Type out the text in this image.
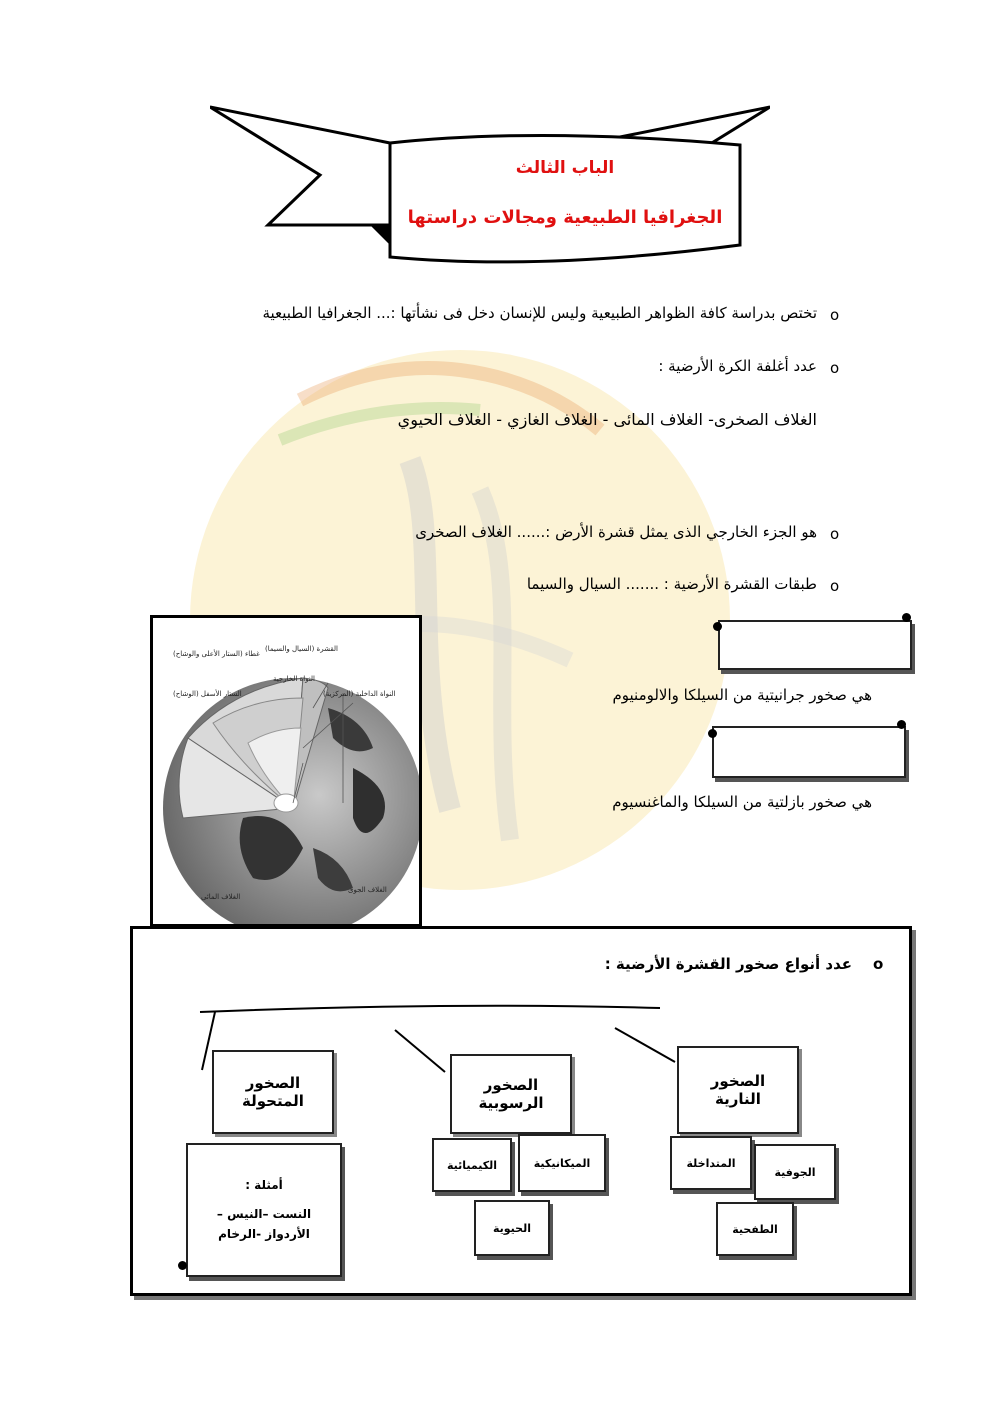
الباب الثالث
الجغرافيا الطبيعية ومجالات دراستها
o
تختص بدراسة كافة الظواهر الطبيعية وليس للإنسان دخل فى نشأتها :... الجغرافيا الطبيعية
o
عدد أغلفة الكرة الأرضية :
الغلاف الصخرى- الغلاف المائى - الغلاف الغازي - الغلاف الحيوي
o
هو الجزء الخارجي الذى يمثل قشرة الأرض :...... الغلاف الصخرى
o
طبقات القشرة الأرضية : ....... السيال والسيما
القشرة (السيال والسيما)
غطاء (الستار الأعلى والوشاح)
النواة الخارجية
الستار الأسفل (الوشاح)	النواة الداخلية (المركزية)
الغلاف المائى
الغلاف الجوى
هي صخور جرانيتية من السيلكا والالومنيوم
هي صخور بازلتية من السيلكا والماغنسيوم
o
عدد أنواع صخور القشرة الأرضية :
الصخور
المتحولة
أمثلة :
النست –النيس –
الأردواز -الرخام
الصخور
الرسوبية
الكيميائية	الميكانيكية
الحيوية
الصخور
النارية
المتداخلة
الجوفية
الطفحية
